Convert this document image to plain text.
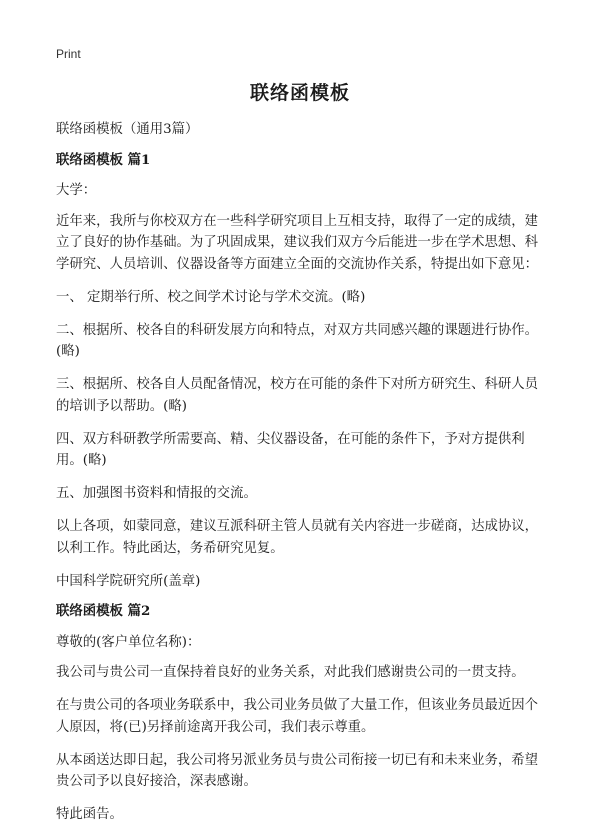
Print
联络函模板

联络函模板（通用3篇）

联络函模板 篇1

大学：

近年来，我所与你校双方在一些科学研究项目上互相支持，取得了一定的成绩，建立了良好的协作基础。为了巩固成果，建议我们双方今后能进一步在学术思想、科学研究、人员培训、仪器设备等方面建立全面的交流协作关系，特提出如下意见：

一、 定期举行所、校之间学术讨论与学术交流。(略)

二、根据所、校各自的科研发展方向和特点，对双方共同感兴趣的课题进行协作。(略)

三、根据所、校各自人员配备情况，校方在可能的条件下对所方研究生、科研人员的培训予以帮助。(略)

四、双方科研教学所需要高、精、尖仪器设备，在可能的条件下，予对方提供利用。(略)

五、加强图书资料和情报的交流。

以上各项，如蒙同意，建议互派科研主管人员就有关内容进一步磋商，达成协议，以利工作。特此函达，务希研究见复。

中国科学院研究所(盖章)

联络函模板 篇2

尊敬的(客户单位名称)：

我公司与贵公司一直保持着良好的业务关系，对此我们感谢贵公司的一贯支持。

在与贵公司的各项业务联系中，我公司业务员做了大量工作，但该业务员最近因个人原因，将(已)另择前途离开我公司，我们表示尊重。

从本函送达即日起，我公司将另派业务员与贵公司衔接一切已有和未来业务，希望贵公司予以良好接洽，深表感谢。

特此函告。
